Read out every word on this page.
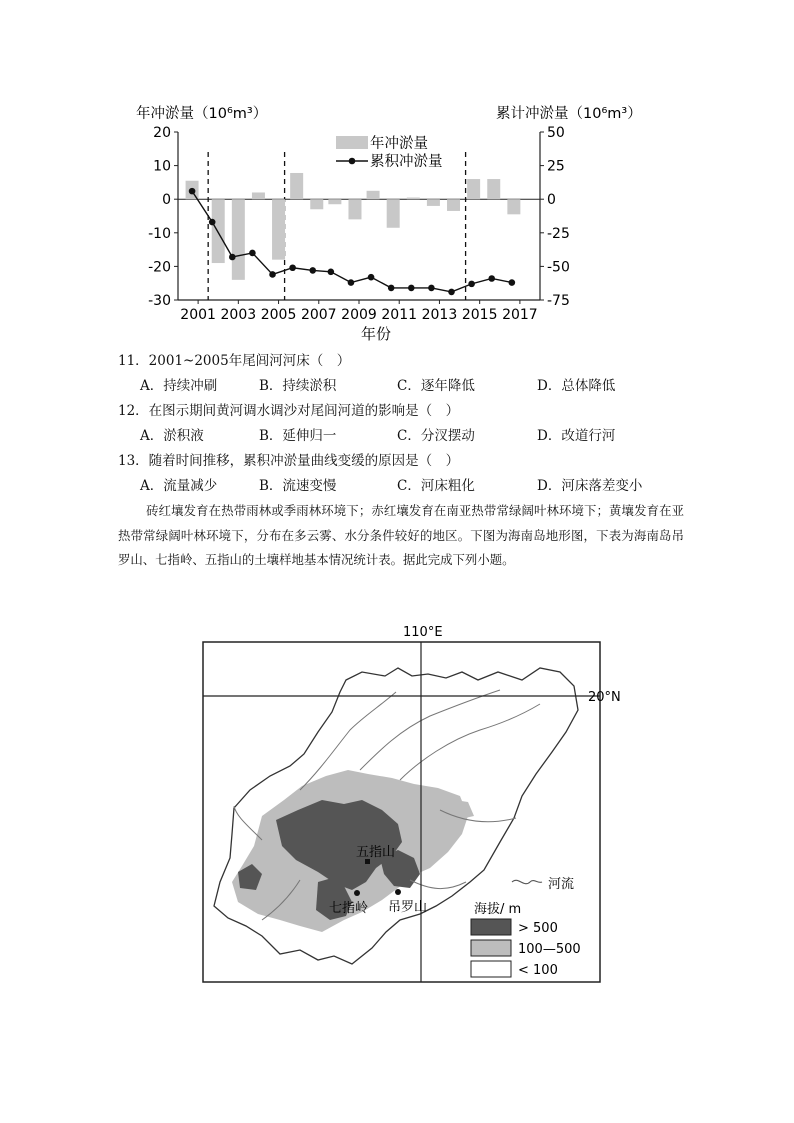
年冲淤量（10⁶m³）	累计冲淤量（10⁶m³）
20
10
0
-10
-20
-30
50
25
0
-25
-50
-75
2001 2003 2005 2007 2009 2011 2013 2015 2017
年冲淤量
累积冲淤量
年份
11．2001~2005年尾闾河河床（　）
A．持续冲刷	B．持续淤积	C．逐年降低	D．总体降低
12．在图示期间黄河调水调沙对尾闾河道的影响是（　）
A．淤积液	B．延伸归一	C．分汊摆动	D．改道行河
13．随着时间推移，累积冲淤量曲线变缓的原因是（　）
A．流量减少	B．流速变慢	C．河床粗化	D．河床落差变小
砖红壤发育在热带雨林或季雨林环境下；赤红壤发育在南亚热带常绿阔叶林环境下；黄壤发育在亚热带常绿阔叶林环境下，分布在多云雾、水分条件较好的地区。下图为海南岛地形图，下表为海南岛吊罗山、七指岭、五指山的土壤样地基本情况统计表。据此完成下列小题。
110°E
20°N
五指山
七指岭 吊罗山
河流
海拔/ m
> 500
100—500
< 100
